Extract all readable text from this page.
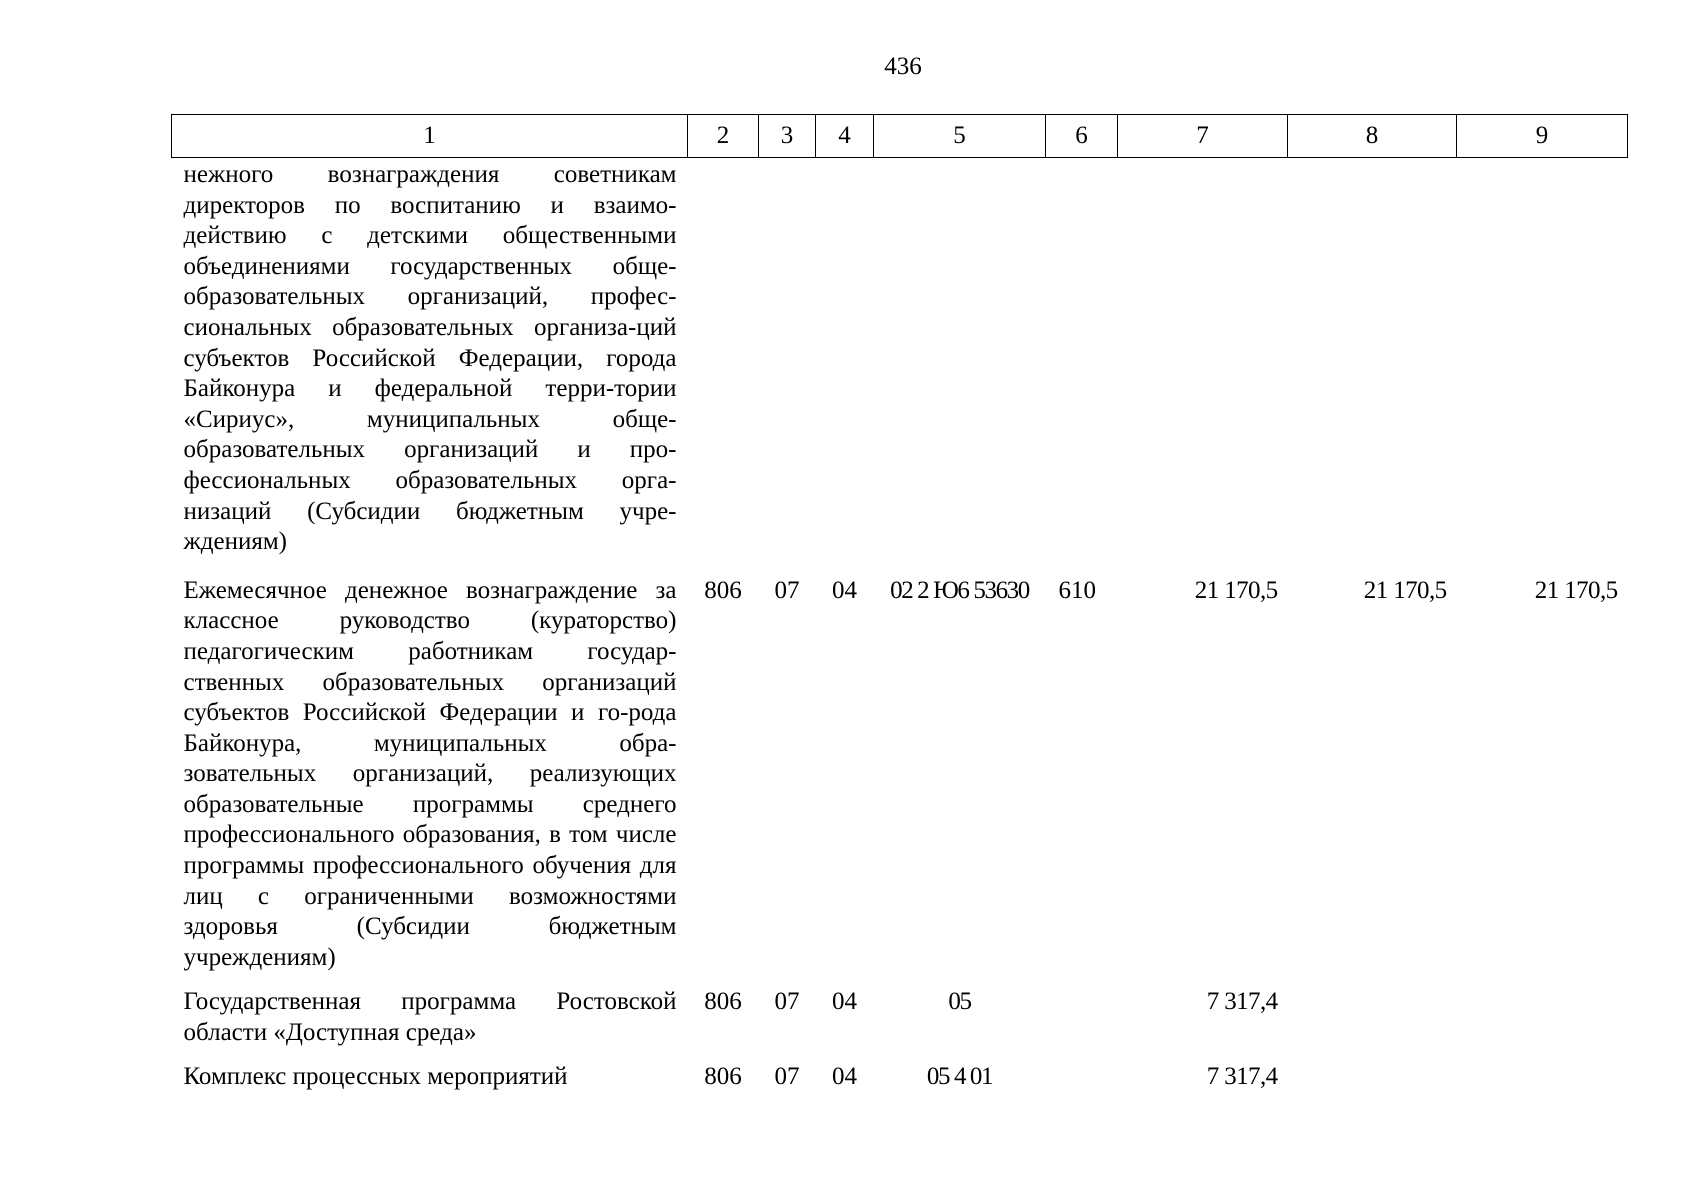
436
1	2	3	4	5	6	7	8	9
нежного вознаграждения советникам директоров по воспитанию и взаимо-действию с детскими общественными объединениями государственных обще-образовательных организаций, профес-сиональных образовательных организа-ций субъектов Российской Федерации, города Байконура и федеральной терри-тории «Сириус», муниципальных обще-образовательных организаций и про-фессиональных образовательных орга-низаций (Субсидии бюджетным учре-ждениям)								
Ежемесячное денежное вознаграждение за классное руководство (кураторство) педагогическим работникам государ-ственных образовательных организаций субъектов Российской Федерации и го-рода Байконура, муниципальных обра-зовательных организаций, реализующих образовательные программы среднего профессионального образования, в том числе программы профессионального обучения для лиц с ограниченными возможностями здоровья (Субсидии бюджетным учреждениям)	806	07	04	02 2 Ю6 53630	610	21 170,5	21 170,5	21 170,5
Государственная программа Ростовской области «Доступная среда»	806	07	04	05		7 317,4		
Комплекс процессных мероприятий	806	07	04	05 4 01		7 317,4		
